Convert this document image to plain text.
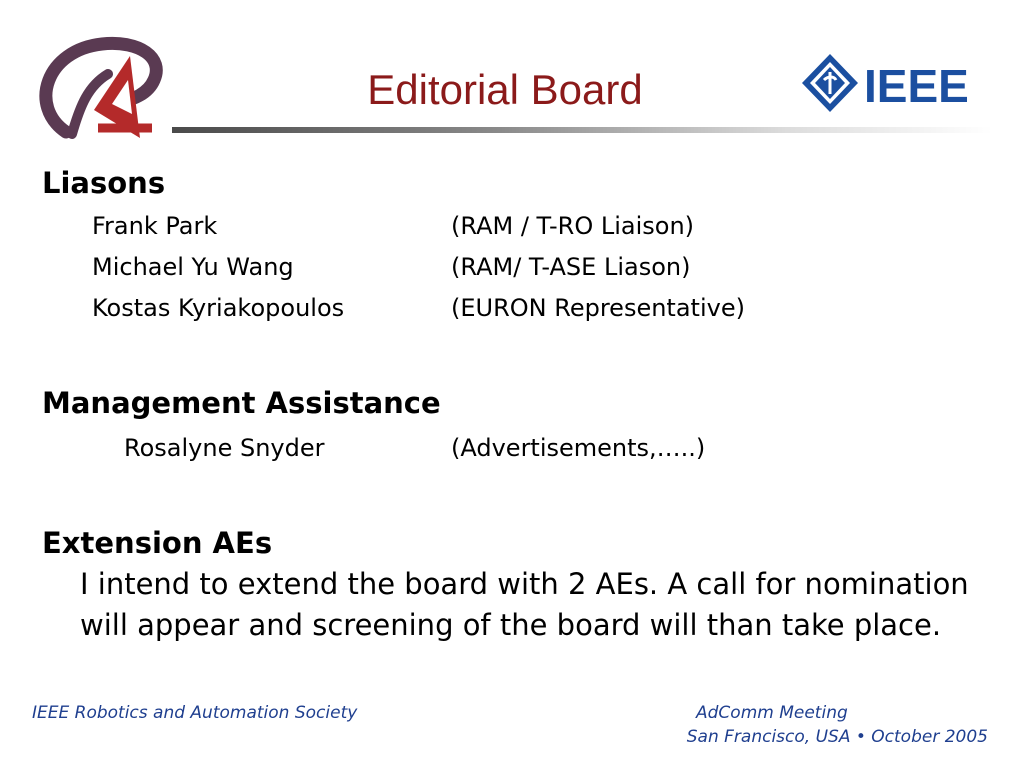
Editorial Board	IEEE
Liasons
Frank Park	(RAM / T-RO Liaison)
Michael Yu Wang	(RAM/ T-ASE Liason)
Kostas Kyriakopoulos	(EURON Representative)
Management Assistance
Rosalyne Snyder	(Advertisements,…..)
Extension AEs
I intend to extend the board with 2 AEs. A call for nomination will appear and screening of the board will than take place.
IEEE Robotics and Automation Society	AdComm Meeting
San Francisco, USA • October 2005
